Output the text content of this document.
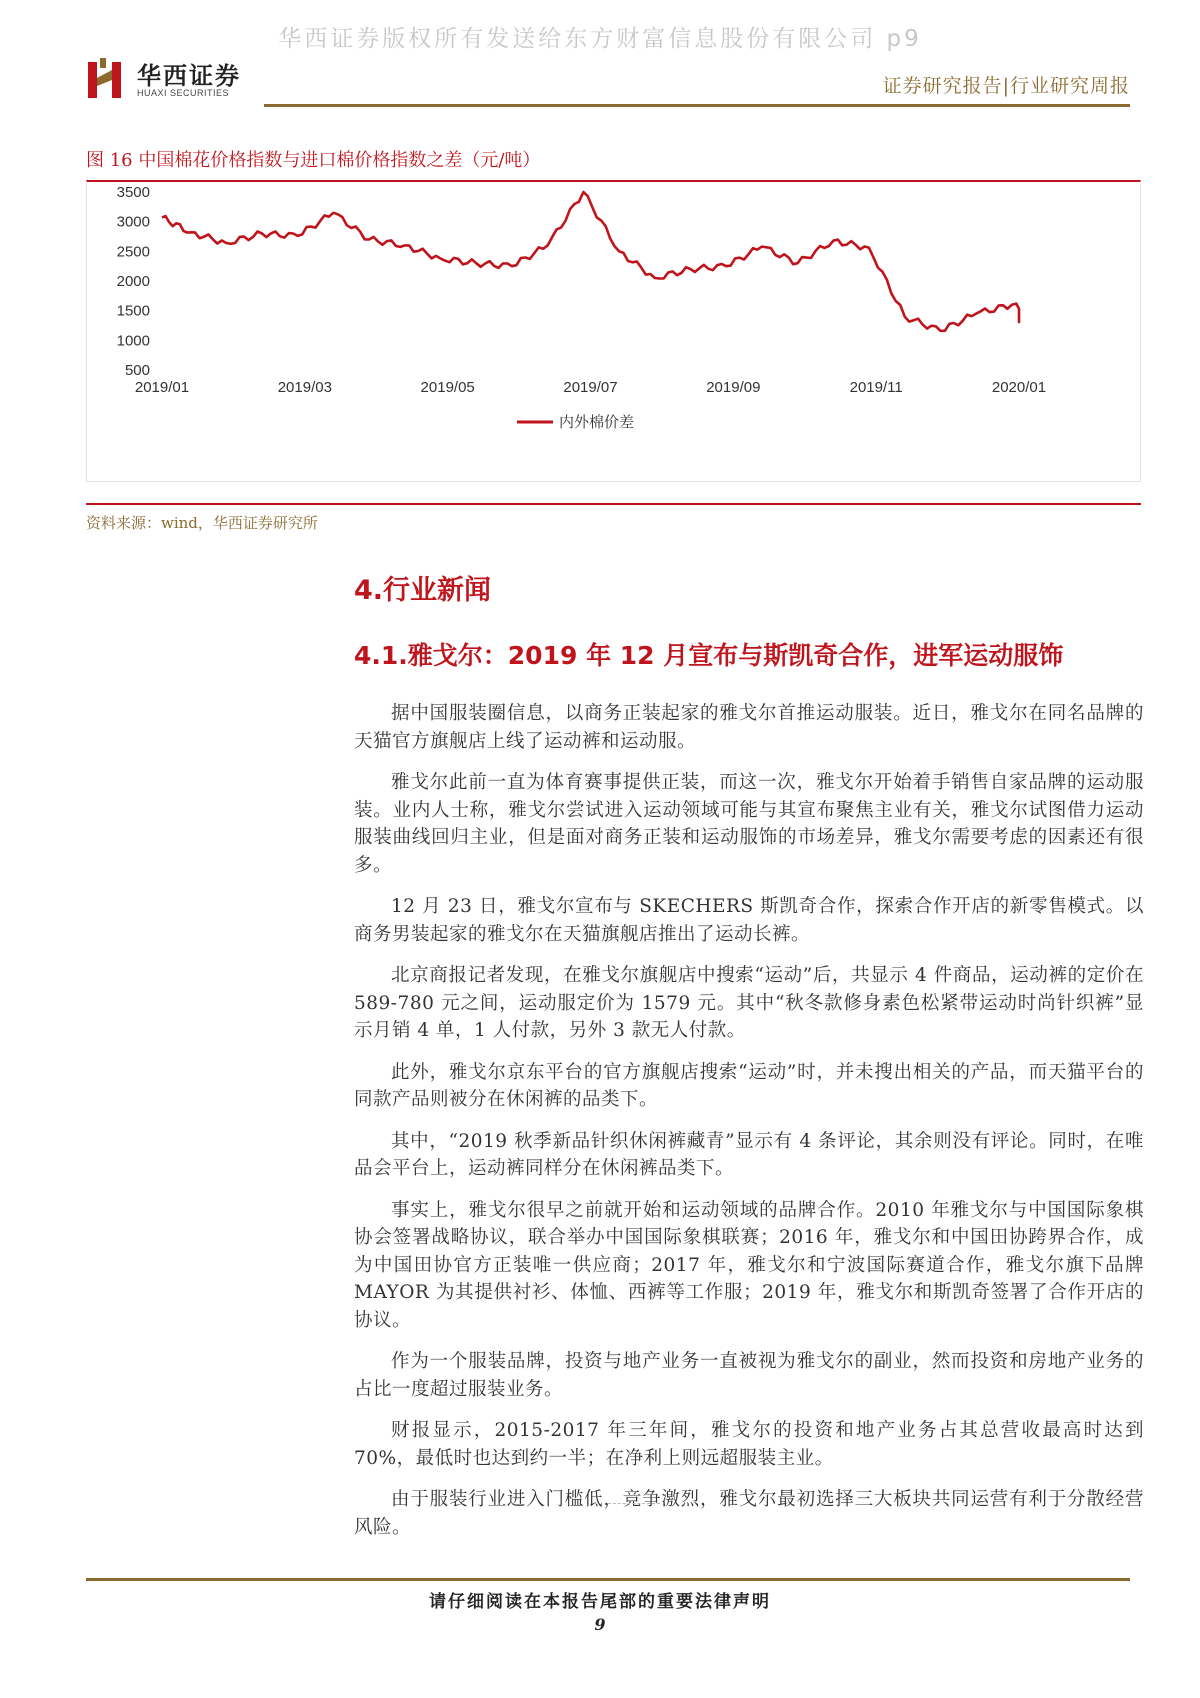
华西证券版权所有发送给东方财富信息股份有限公司 p9
华西证券
HUAXI SECURITIES	证券研究报告|行业研究周报
图 16 中国棉花价格指数与进口棉价格指数之差（元/吨）
3500
3000
2500
2000
1500
1000
500
2019/01	2019/03	2019/05	2019/07	2019/09	2019/11	2020/01
内外棉价差
资料来源：wind，华西证券研究所
4.行业新闻
4.1.雅戈尔：2019 年 12 月宣布与斯凯奇合作，进军运动服饰

据中国服装圈信息，以商务正装起家的雅戈尔首推运动服装。近日，雅戈尔在同名品牌的天猫官方旗舰店上线了运动裤和运动服。

雅戈尔此前一直为体育赛事提供正装，而这一次，雅戈尔开始着手销售自家品牌的运动服装。业内人士称，雅戈尔尝试进入运动领域可能与其宣布聚焦主业有关，雅戈尔试图借力运动服装曲线回归主业，但是面对商务正装和运动服饰的市场差异，雅戈尔需要考虑的因素还有很多。

12 月 23 日，雅戈尔宣布与 SKECHERS 斯凯奇合作，探索合作开店的新零售模式。以商务男装起家的雅戈尔在天猫旗舰店推出了运动长裤。

北京商报记者发现，在雅戈尔旗舰店中搜索“运动”后，共显示 4 件商品，运动裤的定价在 589-780 元之间，运动服定价为 1579 元。其中“秋冬款修身素色松紧带运动时尚针织裤”显示月销 4 单，1 人付款，另外 3 款无人付款。

此外，雅戈尔京东平台的官方旗舰店搜索“运动”时，并未搜出相关的产品，而天猫平台的同款产品则被分在休闲裤的品类下。

其中，“2019 秋季新品针织休闲裤藏青”显示有 4 条评论，其余则没有评论。同时，在唯品会平台上，运动裤同样分在休闲裤品类下。

事实上，雅戈尔很早之前就开始和运动领域的品牌合作。2010 年雅戈尔与中国国际象棋协会签署战略协议，联合举办中国国际象棋联赛；2016 年，雅戈尔和中国田协跨界合作，成为中国田协官方正装唯一供应商；2017 年，雅戈尔和宁波国际赛道合作，雅戈尔旗下品牌 MAYOR 为其提供衬衫、体恤、西裤等工作服；2019 年，雅戈尔和斯凯奇签署了合作开店的协议。

作为一个服装品牌，投资与地产业务一直被视为雅戈尔的副业，然而投资和房地产业务的占比一度超过服装业务。

财报显示，2015-2017 年三年间，雅戈尔的投资和地产业务占其总营收最高时达到 70%，最低时也达到约一半；在净利上则远超服装主业。

由于服装行业进入门槛低，竞争激烈，雅戈尔最初选择三大板块共同运营有利于分散经营风险。

请仔细阅读在本报告尾部的重要法律声明
9
